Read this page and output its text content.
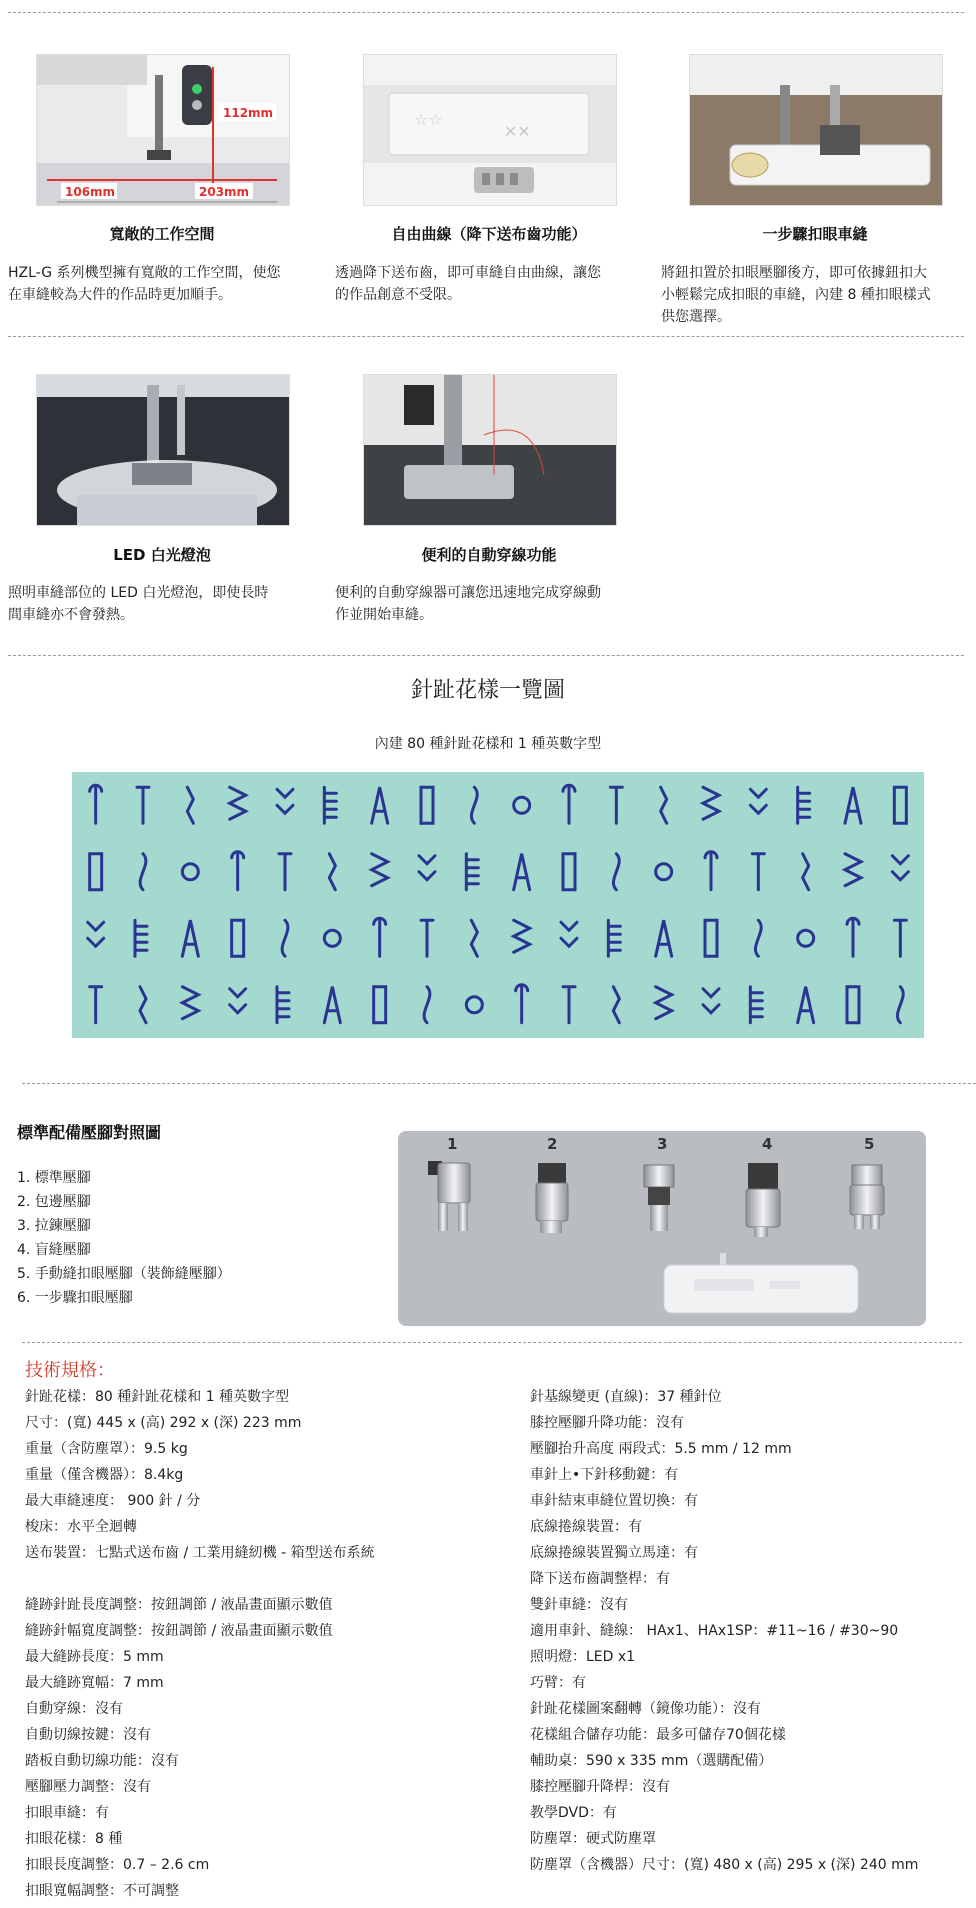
112mm
106mm	203mm
☆☆
✕✕
寬敞的工作空間	自由曲線（降下送布齒功能）	一步驟扣眼車縫
HZL-G 系列機型擁有寬敞的工作空間，使您
在車縫較為大件的作品時更加順手。
透過降下送布齒，即可車縫自由曲線，讓您
的作品創意不受限。
將鈕扣置於扣眼壓腳後方，即可依據鈕扣大
小輕鬆完成扣眼的車縫，內建 8 種扣眼樣式
供您選擇。
LED 白光燈泡	便利的自動穿線功能
照明車縫部位的 LED 白光燈泡，即使長時
間車縫亦不會發熱。
便利的自動穿線器可讓您迅速地完成穿線動
作並開始車縫。
針趾花樣一覽圖
內建 80 種針趾花樣和 1 種英數字型
標準配備壓腳對照圖
1. 標準壓腳
2. 包邊壓腳
3. 拉鍊壓腳
4. 盲縫壓腳
5. 手動縫扣眼壓腳（裝飾縫壓腳）
6. 一步驟扣眼壓腳
1	2	3	4	5
技術規格：
針趾花樣：80 種針趾花樣和 1 種英數字型
尺寸：(寬) 445 x (高) 292 x (深) 223 mm
重量（含防塵罩）：9.5 kg
重量（僅含機器）：8.4kg
最大車縫速度： 900 針 / 分
梭床：水平全迴轉
送布裝置：七點式送布齒 / 工業用縫紉機 - 箱型送布系統
縫跡針趾長度調整：按鈕調節 / 液晶畫面顯示數值
縫跡針幅寬度調整：按鈕調節 / 液晶畫面顯示數值
最大縫跡長度：5 mm
最大縫跡寬幅：7 mm
自動穿線：沒有
自動切線按鍵：沒有
踏板自動切線功能：沒有
壓腳壓力調整：沒有
扣眼車縫：有
扣眼花樣：8 種
扣眼長度調整：0.7 – 2.6 cm
扣眼寬幅調整：不可調整
針基線變更 (直線)：37 種針位
膝控壓腳升降功能：沒有
壓腳抬升高度 兩段式：5.5 mm / 12 mm
車針上•下針移動鍵：有
車針結束車縫位置切換：有
底線捲線裝置：有
底線捲線裝置獨立馬達：有
降下送布齒調整桿：有
雙針車縫：沒有
適用車針、縫線： HAx1、HAx1SP：#11~16 / #30~90
照明燈：LED x1
巧臂：有
針趾花樣圖案翻轉（鏡像功能）：沒有
花樣組合儲存功能：最多可儲存70個花樣
輔助桌：590 x 335 mm（選購配備）
膝控壓腳升降桿：沒有
教學DVD：有
防塵罩：硬式防塵罩
防塵罩（含機器）尺寸：(寬) 480 x (高) 295 x (深) 240 mm
